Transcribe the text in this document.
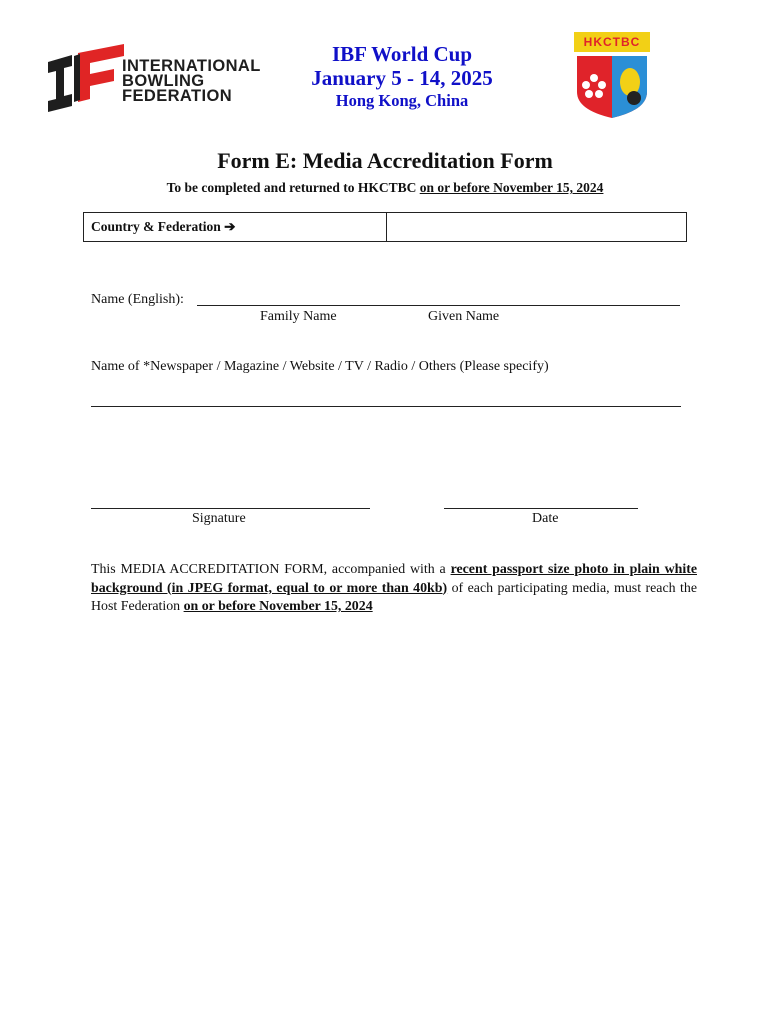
INTERNATIONAL
BOWLING
FEDERATION
IBF World Cup
January 5 - 14, 2025
Hong Kong, China
HKCTBC
Form E: Media Accreditation Form
To be completed and returned to HKCTBC on or before November 15, 2024
Country & Federation ➔
Name (English):
Family Name	Given Name
Name of *Newspaper / Magazine / Website / TV / Radio / Others (Please specify)
Signature	Date
This MEDIA ACCREDITATION FORM, accompanied with a recent passport size photo in plain white background (in JPEG format, equal to or more than 40kb) of each participating media, must reach the Host Federation on or before November 15, 2024
